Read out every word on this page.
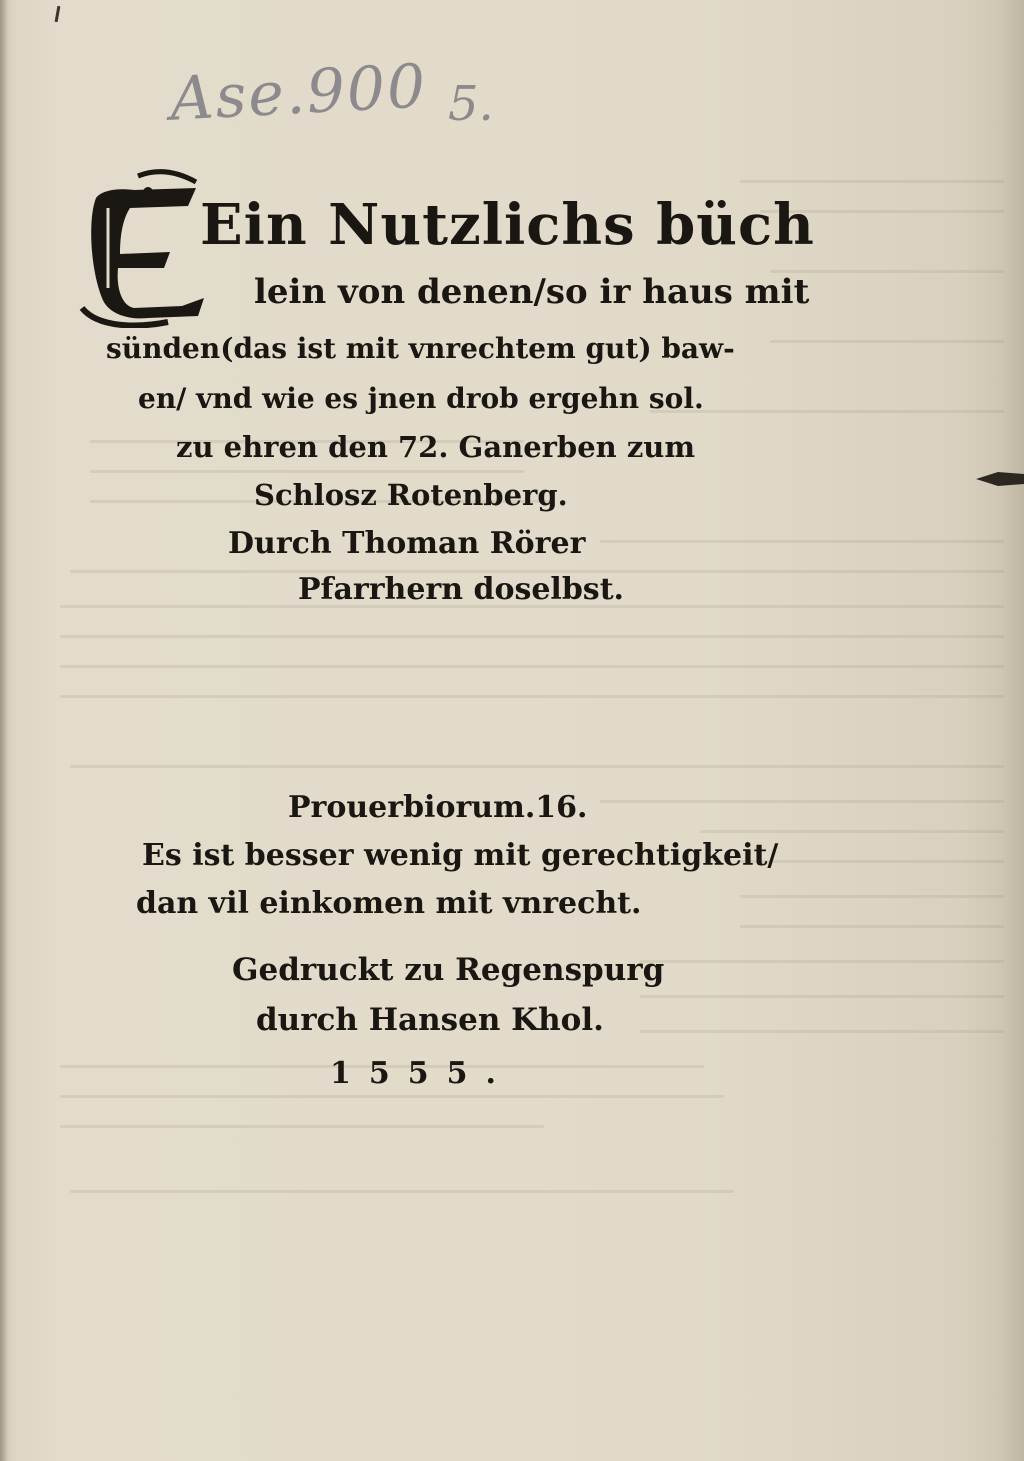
Ase.900 5.
Ein Nutzlichs büch
lein von denen/so ir haus mit
sünden(das ist mit vnrechtem gut) baw-
en/ vnd wie es jnen drob ergehn sol.
zu ehren den 72. Ganerben zum
Schlosz Rotenberg.
Durch Thoman Rörer
Pfarrhern doselbst.
Prouerbiorum.16.
Es ist besser wenig mit gerechtigkeit/
dan vil einkomen mit vnrecht.
Gedruckt zu Regenspurg
durch Hansen Khol.
1555.
